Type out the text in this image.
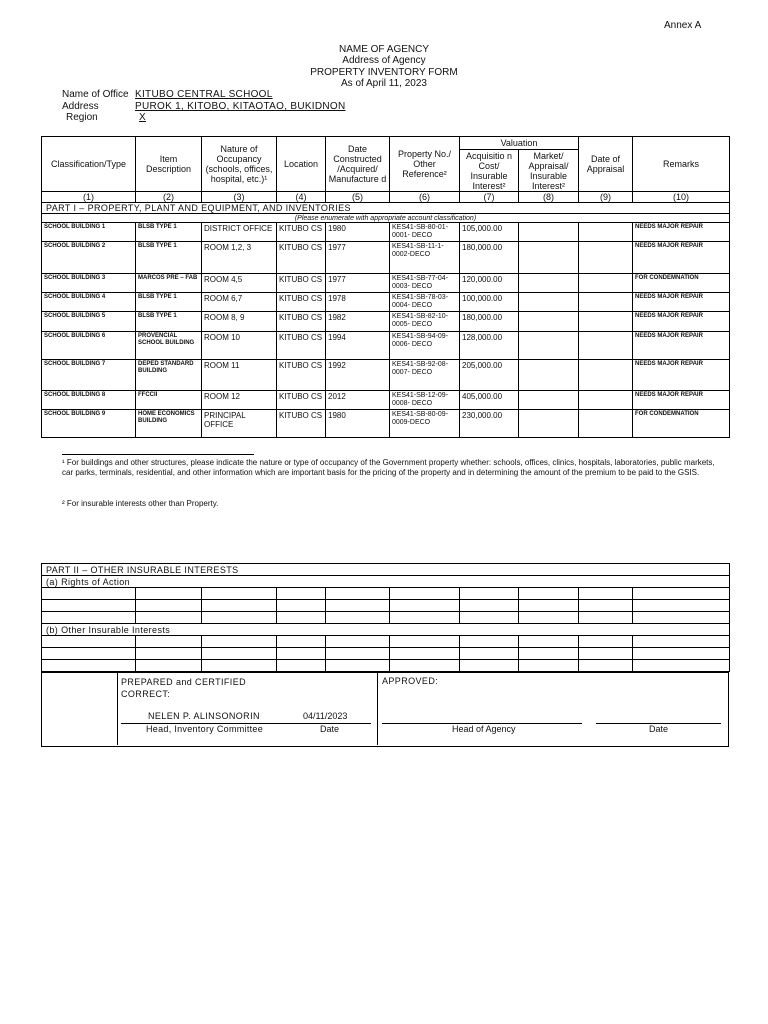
Annex A
NAME OF AGENCY
Address of Agency
PROPERTY INVENTORY FORM
As of April 11, 2023
Name of Office KITUBO CENTRAL SCHOOL
Address	PUROK 1, KITOBO, KITAOTAO, BUKIDNON
Region	X
Classification/Type	Item Description	Nature of Occupancy (schools, offices, hospital, etc.)¹	Location	Date Constructed /Acquired/ Manufacture d	Property No./ Other Reference²	Valuation		Date of Appraisal	Remarks
						Acquisitio n Cost/ Insurable Interest²	Market/ Appraisal/ Insurable Interest²		
(1)	(2)	(3)	(4)	(5)	(6)	(7)	(8)	(9)	(10)
PART I – PROPERTY, PLANT AND EQUIPMENT, AND INVENTORIES									
(Please enumerate with appropriate account classification)									
SCHOOL BUILDING 1	BLSB TYPE 1	DISTRICT OFFICE	KITUBO CS	1980	KES41-SB-80-01-0001- DECO	105,000.00			NEEDS MAJOR REPAIR
SCHOOL BUILDING 2	BLSB TYPE 1	ROOM 1,2, 3	KITUBO CS	1977	KES41-SB-11-1-0002-DECO	180,000.00			NEEDS MAJOR REPAIR
SCHOOL BUILDING 3	MARCOS PRE – FAB	ROOM 4,5	KITUBO CS	1977	KES41-SB-77-04-0003- DECO	120,000.00			FOR CONDEMNATION
SCHOOL BUILDING 4	BLSB TYPE 1	ROOM 6,7	KITUBO CS	1978	KES41-SB-78-03-0004- DECO	100,000.00			NEEDS MAJOR REPAIR
SCHOOL BUILDING 5	BLSB TYPE 1	ROOM 8, 9	KITUBO CS	1982	KES41-SB-82-10-0005- DECO	180,000.00			NEEDS MAJOR REPAIR
SCHOOL BUILDING 6	PROVENCIAL SCHOOL BUILDING	ROOM 10	KITUBO CS	1994	KES41-SB-94-09-0006- DECO	128,000.00			NEEDS MAJOR REPAIR
SCHOOL BUILDING 7	DEPED STANDARD BUILDING	ROOM 11	KITUBO CS	1992	KES41-SB-92-08-0007- DECO	205,000.00			NEEDS MAJOR REPAIR
SCHOOL BUILDING 8	FFCCII	ROOM 12	KITUBO CS	2012	KES41-SB-12-09-0008- DECO	405,000.00			NEEDS MAJOR REPAIR
SCHOOL BUILDING 9	HOME ECONOMICS BUILDING	PRINCIPAL OFFICE	KITUBO CS	1980	KES41-SB-80-09-0009-DECO	230,000.00			FOR CONDEMNATION
¹ For buildings and other structures, please indicate the nature or type of occupancy of the Government property whether: schools, offices, clinics, hospitals, laboratories, public markets, car parks, terminals, residential, and other information which are important basis for the pricing of the property and in determining the amount of the premium to be paid to the GSIS.
² For insurable interests other than Property.
PART II – OTHER INSURABLE INTERESTS									
(a) Rights of Action									

(b) Other Insurable Interests									

PREPARED and CERTIFIED CORRECT:
NELEN P. ALINSONORIN	04/11/2023
Head, Inventory Committee	Date
APPROVED:
Head of Agency	Date
